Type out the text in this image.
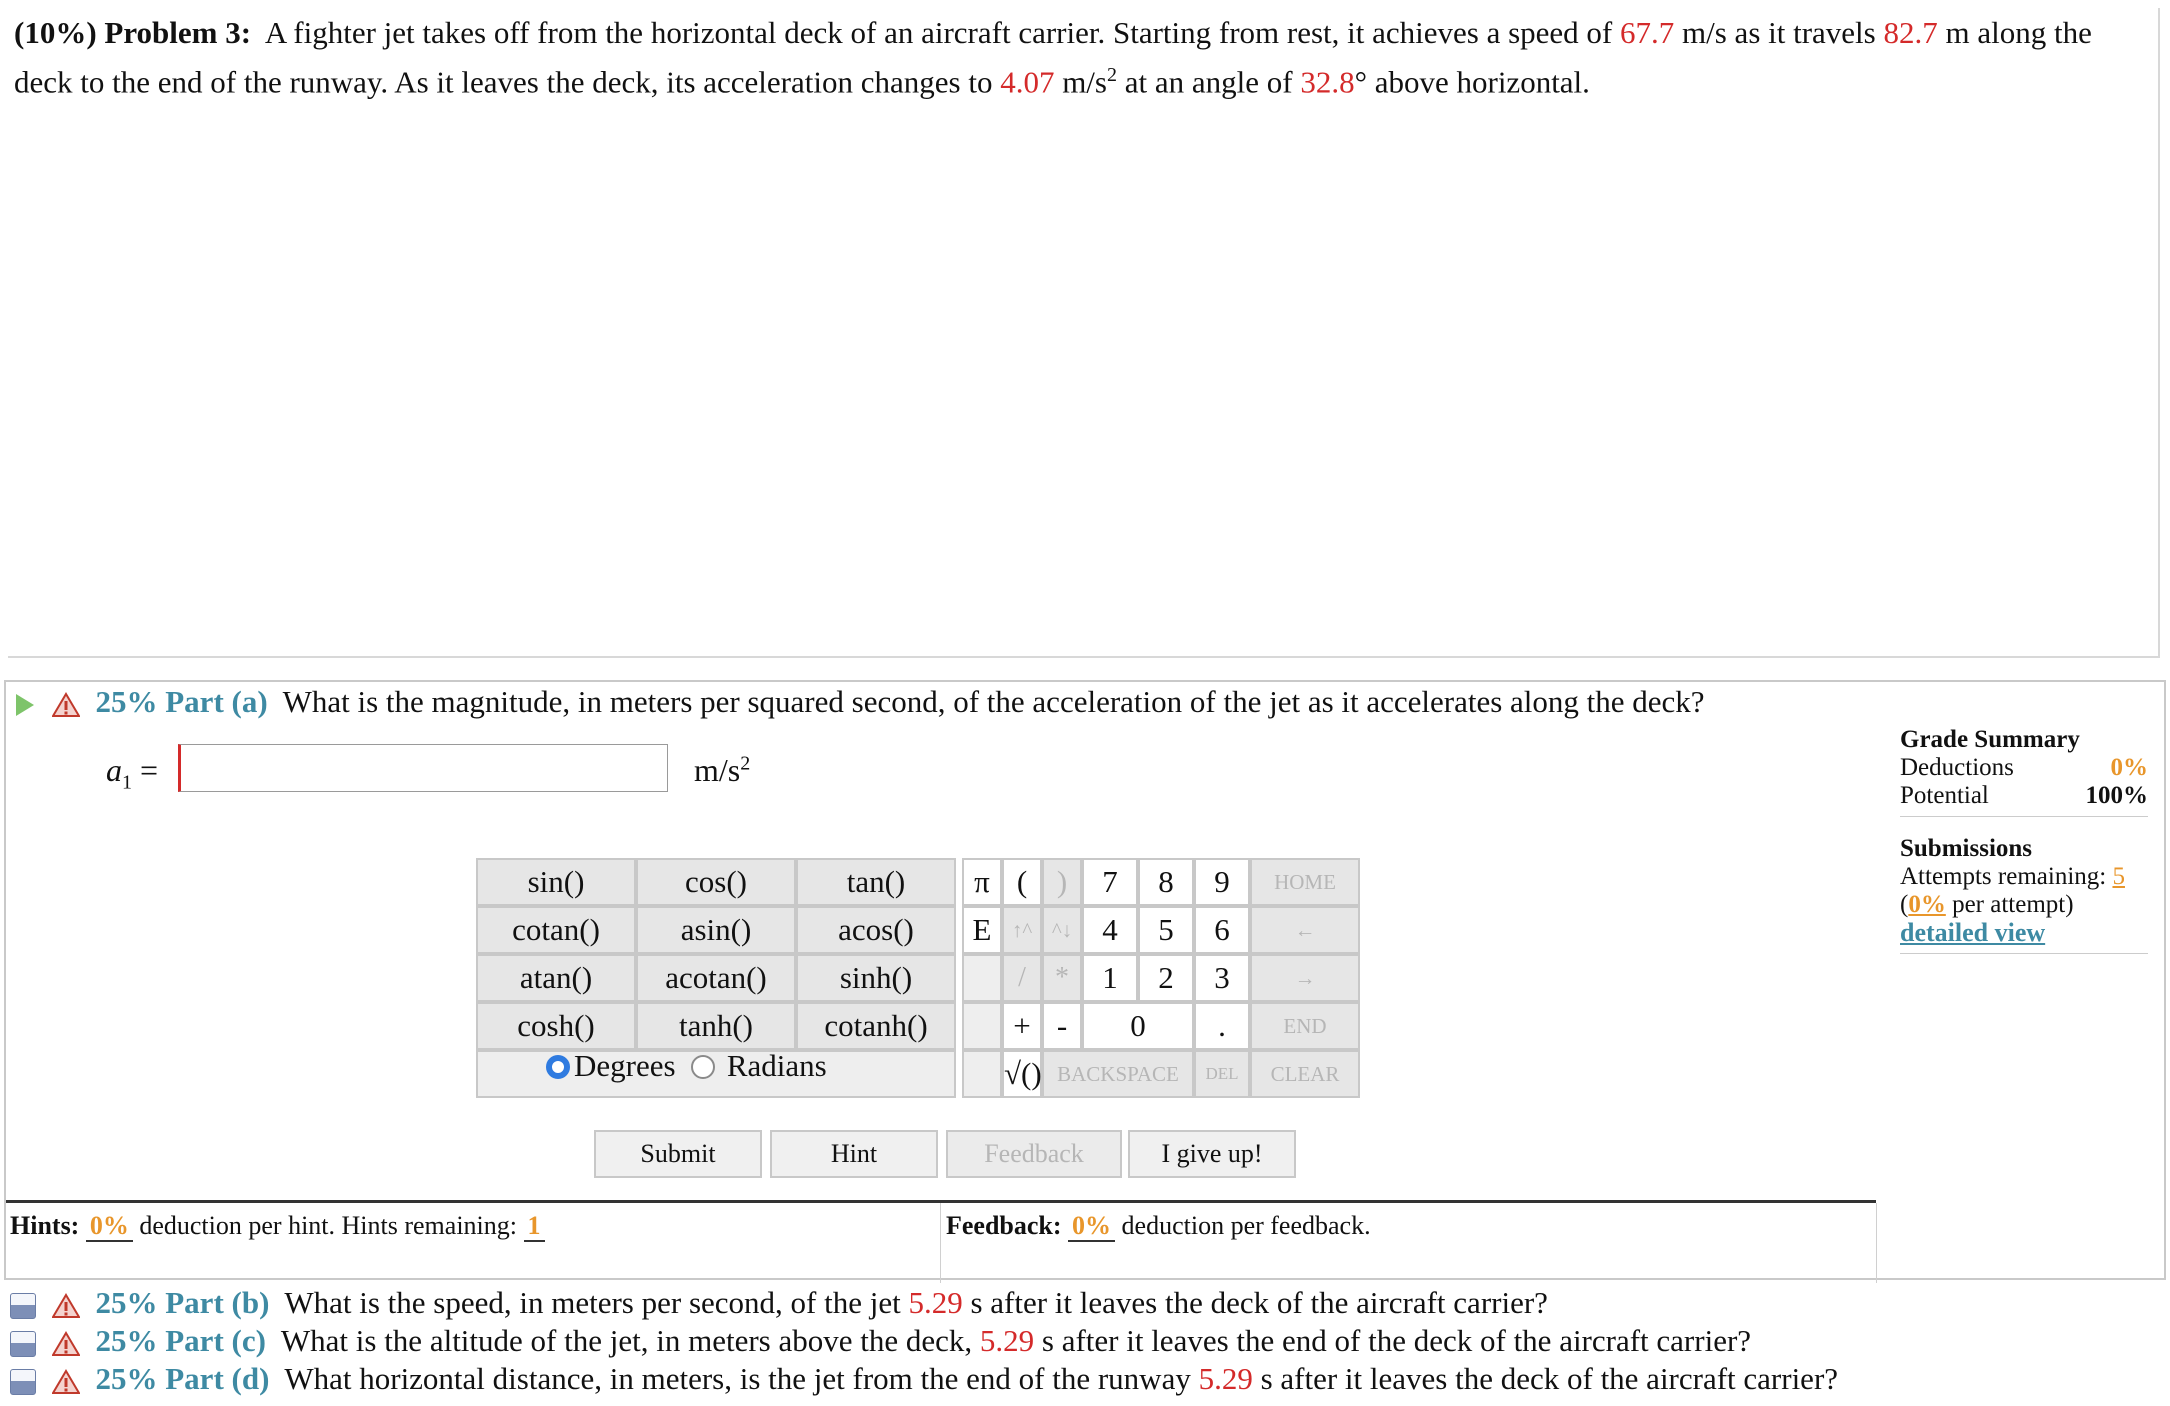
(10%) Problem 3: A fighter jet takes off from the horizontal deck of an aircraft carrier. Starting from rest, it achieves a speed of 67.7 m/s as it travels 82.7 m along the deck to the end of the runway. As it leaves the deck, its acceleration changes to 4.07 $m/s^2$ at an angle of 32.8° above horizontal.
25% Part (a) What is the magnitude, in meters per squared second, of the acceleration of the jet as it accelerates along the deck?
$a_1$ =	$m/s^2$
sin()	cos()	tan()
cotan()	asin()	acos()
atan()	acotan()	sinh()
cosh()	tanh()	cotanh()
Degrees Radians
π ( )
E ↑^ ^↓
/	*
+ -
√()
7	8	9
4	5	6
1	2	3
0	.
BACKSPACE	DEL
HOME
←
→
END
CLEAR
Submit	Hint	Feedback	I give up!
Hints: 0% deduction per hint. Hints remaining: 1	Feedback: 0% deduction per feedback.
Grade Summary
Deductions	0%
Potential	100%
Submissions
Attempts remaining: 5
(0% per attempt)
detailed view
25% Part (b) What is the speed, in meters per second, of the jet 5.29 s after it leaves the deck of the aircraft carrier?
25% Part (c) What is the altitude of the jet, in meters above the deck, 5.29 s after it leaves the end of the deck of the aircraft carrier?
25% Part (d) What horizontal distance, in meters, is the jet from the end of the runway 5.29 s after it leaves the deck of the aircraft carrier?
